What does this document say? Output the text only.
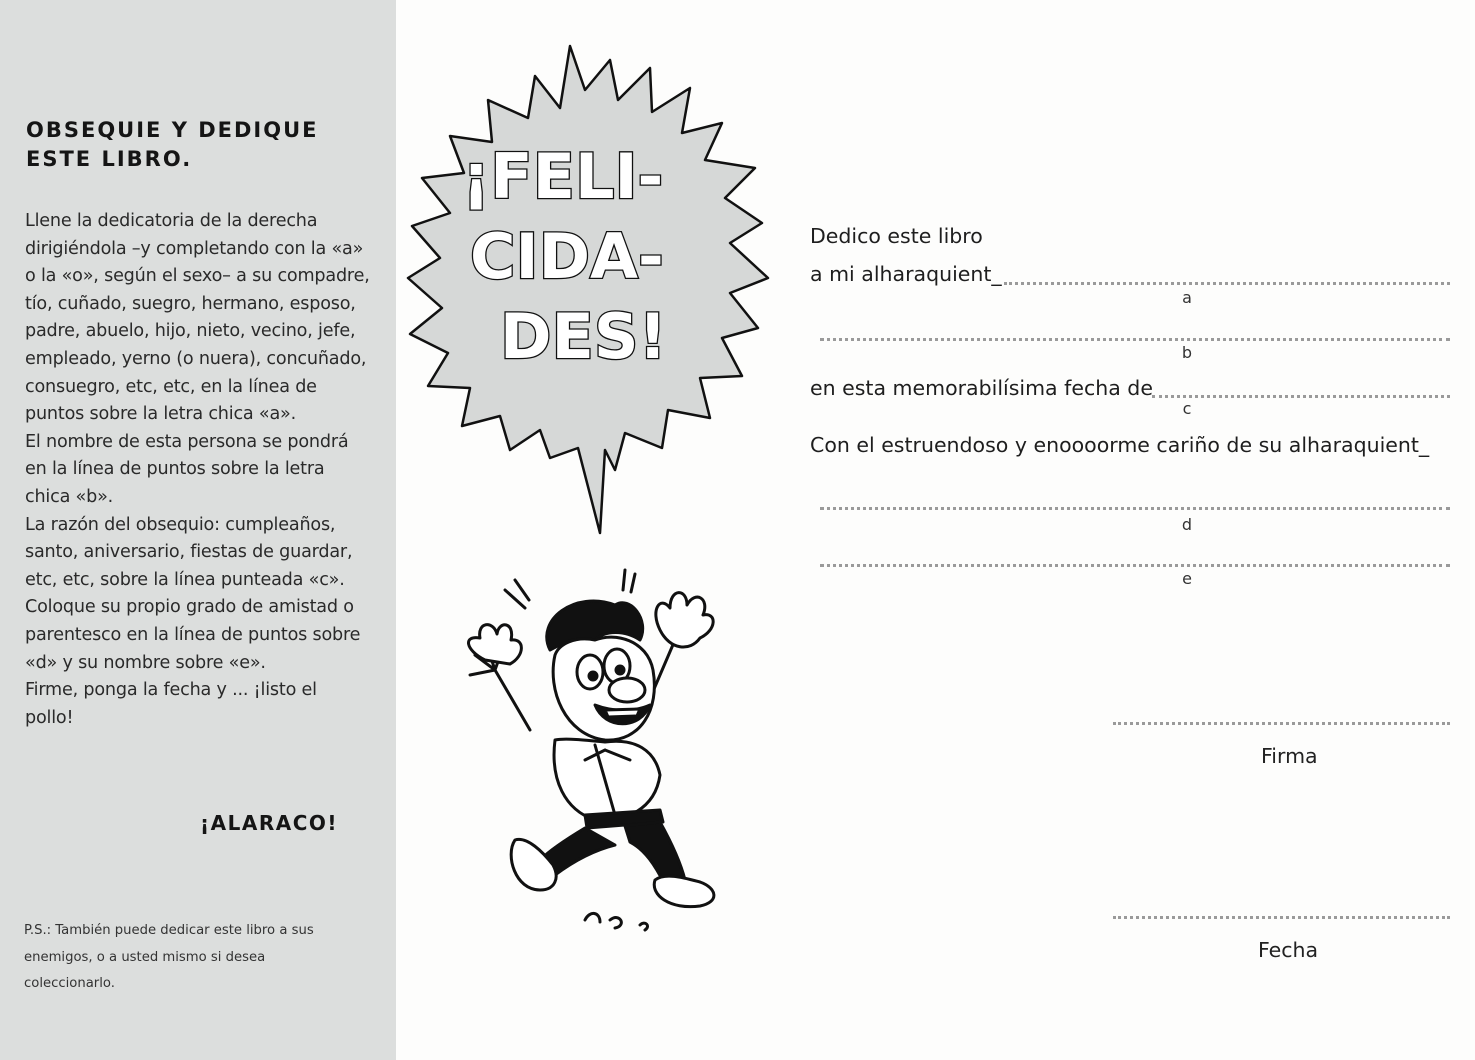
OBSEQUIE Y DEDIQUE
ESTE LIBRO.

Llene la dedicatoria de la derecha dirigiéndola –y completando con la «a» o la «o», según el sexo– a su compadre, tío, cuñado, suegro, hermano, esposo, padre, abuelo, hijo, nieto, vecino, jefe, empleado, yerno (o nuera), concuñado, consuegro, etc, etc, en la línea de puntos sobre la letra chica «a».

El nombre de esta persona se pondrá en la línea de puntos sobre la letra chica «b».

La razón del obsequio: cumpleaños, santo, aniversario, fiestas de guardar, etc, etc, sobre la línea punteada «c».

Coloque su propio grado de amistad o parentesco en la línea de puntos sobre «d» y su nombre sobre «e».

Firme, ponga la fecha y ... ¡listo el pollo!

¡ALARACO!
P.S.: También puede dedicar este libro a sus enemigos, o a usted mismo si desea coleccionarlo.
¡FELI-
CIDA-
DES!
Dedico este libro
a mi alharaquient_
a
b
en esta memorabilísima fecha de
c
Con el estruendoso y enoooorme cariño de su alharaquient_
d
e
Firma
Fecha
